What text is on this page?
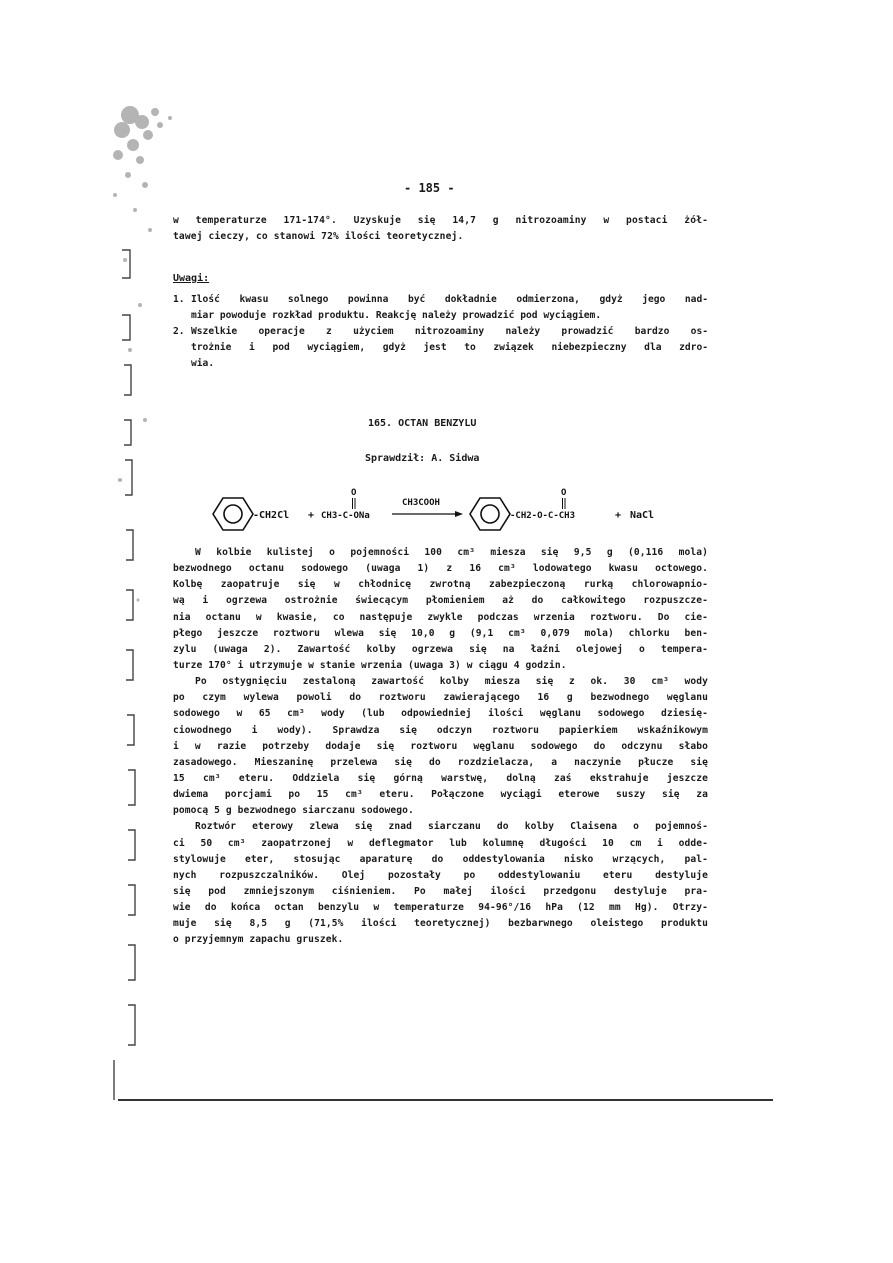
- 185 -
w temperaturze 171-174°. Uzyskuje się 14,7 g nitrozoaminy w postaci żół-
tawej cieczy, co stanowi 72% ilości teoretycznej.
Uwagi:
1. Ilość kwasu solnego powinna być dokładnie odmierzona, gdyż jego nad-
miar powoduje rozkład produktu. Reakcję należy prowadzić pod wyciągiem.
2. Wszelkie operacje z użyciem nitrozoaminy należy prowadzić bardzo os-
trożnie i pod wyciągiem, gdyż jest to związek niebezpieczny dla zdro-
wia.
165. OCTAN BENZYLU
Sprawdził: A. Sidwa
-CH2Cl + CH3-C-ONa
O
CH3COOH
-CH2-O-C-CH3
O
+ NaCl
W kolbie kulistej o pojemności 100 cm³ miesza się 9,5 g (0,116 mola)
bezwodnego octanu sodowego (uwaga 1) z 16 cm³ lodowatego kwasu octowego.
Kolbę zaopatruje się w chłodnicę zwrotną zabezpieczoną rurką chlorowapnio-
wą i ogrzewa ostrożnie świecącym płomieniem aż do całkowitego rozpuszcze-
nia octanu w kwasie, co następuje zwykle podczas wrzenia roztworu. Do cie-
płego jeszcze roztworu wlewa się 10,0 g (9,1 cm³ 0,079 mola) chlorku ben-
zylu (uwaga 2). Zawartość kolby ogrzewa się na łaźni olejowej o tempera-
turze 170° i utrzymuje w stanie wrzenia (uwaga 3) w ciągu 4 godzin.
Po ostygnięciu zestaloną zawartość kolby miesza się z ok. 30 cm³ wody
po czym wylewa powoli do roztworu zawierającego 16 g bezwodnego węglanu
sodowego w 65 cm³ wody (lub odpowiedniej ilości węglanu sodowego dziesię-
ciowodnego i wody). Sprawdza się odczyn roztworu papierkiem wskaźnikowym
i w razie potrzeby dodaje się roztworu węglanu sodowego do odczynu słabo
zasadowego. Mieszaninę przelewa się do rozdzielacza, a naczynie płucze się
15 cm³ eteru. Oddziela się górną warstwę, dolną zaś ekstrahuje jeszcze
dwiema porcjami po 15 cm³ eteru. Połączone wyciągi eterowe suszy się za
pomocą 5 g bezwodnego siarczanu sodowego.
Roztwór eterowy zlewa się znad siarczanu do kolby Claisena o pojemnoś-
ci 50 cm³ zaopatrzonej w deflegmator lub kolumnę długości 10 cm i odde-
stylowuje eter, stosując aparaturę do oddestylowania nisko wrzących, pal-
nych rozpuszczalników. Olej pozostały po oddestylowaniu eteru destyluje
się pod zmniejszonym ciśnieniem. Po małej ilości przedgonu destyluje pra-
wie do końca octan benzylu w temperaturze 94-96°/16 hPa (12 mm Hg). Otrzy-
muje się 8,5 g (71,5% ilości teoretycznej) bezbarwnego oleistego produktu
o przyjemnym zapachu gruszek.
